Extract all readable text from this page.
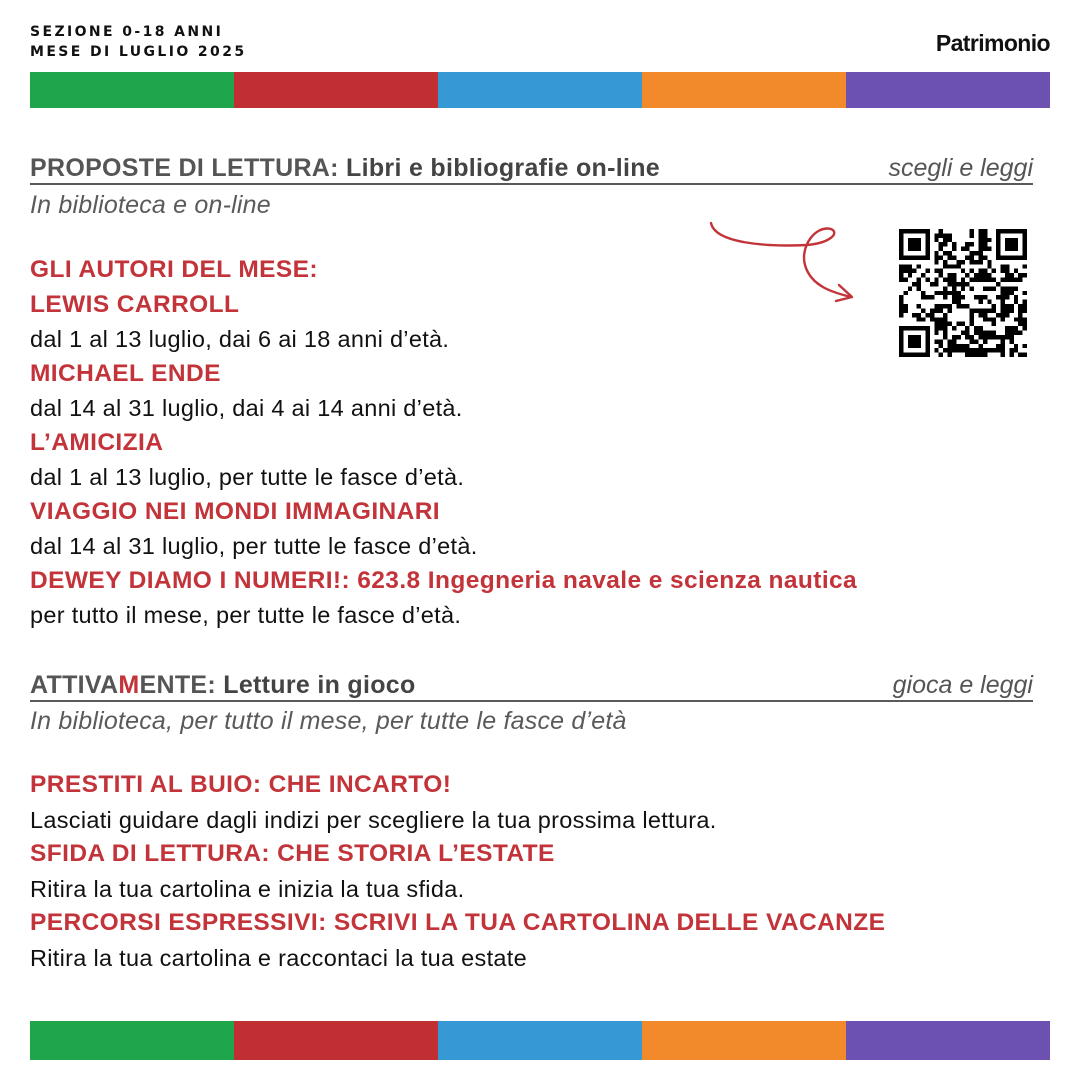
SEZIONE 0-18 ANNI
MESE DI LUGLIO 2025	Patrimonio
PROPOSTE DI LETTURA: Libri e bibliografie on-line	scegli e leggi
In biblioteca e on-line
GLI AUTORI DEL MESE:
LEWIS CARROLL
dal 1 al 13 luglio, dai 6 ai 18 anni d’età.
MICHAEL ENDE
dal 14 al 31 luglio, dai 4 ai 14 anni d’età.
L’AMICIZIA
dal 1 al 13 luglio, per tutte le fasce d’età.
VIAGGIO NEI MONDI IMMAGINARI
dal 14 al 31 luglio, per tutte le fasce d’età.
DEWEY DIAMO I NUMERI!: 623.8 Ingegneria navale e scienza nautica
per tutto il mese, per tutte le fasce d’età.
ATTIVAMENTE: Letture in gioco	gioca e leggi
In biblioteca, per tutto il mese, per tutte le fasce d’età
PRESTITI AL BUIO: CHE INCARTO!
Lasciati guidare dagli indizi per scegliere la tua prossima lettura.
SFIDA DI LETTURA: CHE STORIA L’ESTATE
Ritira la tua cartolina e inizia la tua sfida.
PERCORSI ESPRESSIVI: SCRIVI LA TUA CARTOLINA DELLE VACANZE
Ritira la tua cartolina e raccontaci la tua estate
